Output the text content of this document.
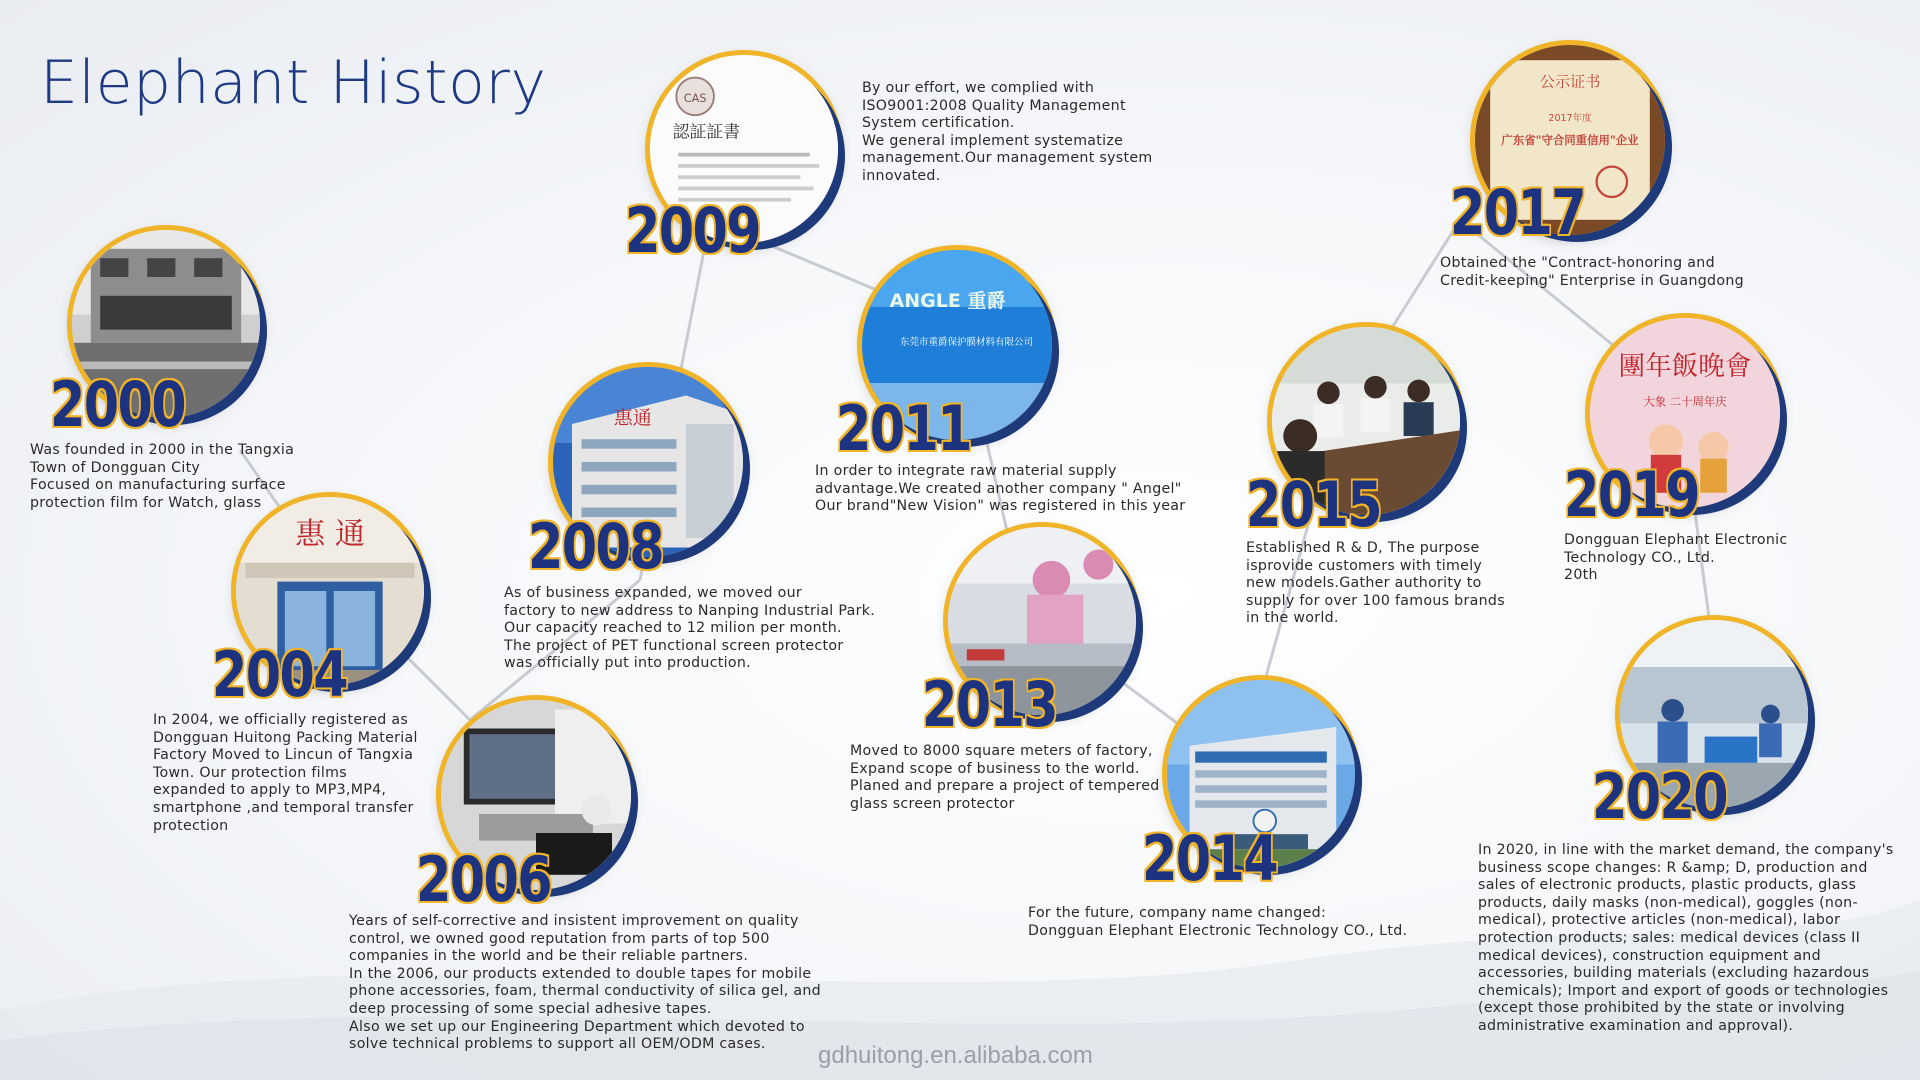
Elephant History
2000
Was founded in 2000 in the Tangxia
Town of Dongguan City
Focused on manufacturing surface
protection film for Watch, glass
惠 通
2004
In 2004, we officially registered as
Dongguan Huitong Packing Material
Factory Moved to Lincun of Tangxia
Town. Our protection films
expanded to apply to MP3,MP4,
smartphone ,and temporal transfer
protection
2006
Years of self-corrective and insistent improvement on quality
control, we owned good reputation from parts of top 500
companies in the world and be their reliable partners.
In the 2006, our products extended to double tapes for mobile
phone accessories, foam, thermal conductivity of silica gel, and
deep processing of some special adhesive tapes.
Also we set up our Engineering Department which devoted to
solve technical problems to support all OEM/ODM cases.
惠通
2008
As of business expanded, we moved our
factory to new address to Nanping Industrial Park.
Our capacity reached to 12 milion per month.
The project of PET functional screen protector
was officially put into production.
CAS
認証証書
2009
By our effort, we complied with
ISO9001:2008 Quality Management
System certification.
We general implement systematize
management.Our management system
innovated.
ANGLE 重爵
东莞市重爵保护膜材料有限公司
2011
In order to integrate raw material supply
advantage.We created another company " Angel"
Our brand"New Vision" was registered in this year
2013
Moved to 8000 square meters of factory,
Expand scope of business to the world.
Planed and prepare a project of tempered
glass screen protector
2014
For the future, company name changed:
Dongguan Elephant Electronic Technology CO., Ltd.
2015
Established R & D, The purpose
isprovide customers with timely
new models.Gather authority to
supply for over 100 famous brands
in the world.
公示证书
2017年度
广东省"守合同重信用"企业
2017
Obtained the "Contract-honoring and
Credit-keeping" Enterprise in Guangdong
團年飯晚會
大象 二十周年庆
2019
Dongguan Elephant Electronic
Technology CO., Ltd.
20th
2020
In 2020, in line with the market demand, the company's
business scope changes: R &amp; D, production and
sales of electronic products, plastic products, glass
products, daily masks (non-medical), goggles (non-
medical), protective articles (non-medical), labor
protection products; sales: medical devices (class II
medical devices), construction equipment and
accessories, building materials (excluding hazardous
chemicals); Import and export of goods or technologies
(except those prohibited by the state or involving
administrative examination and approval).
gdhuitong.en.alibaba.com
